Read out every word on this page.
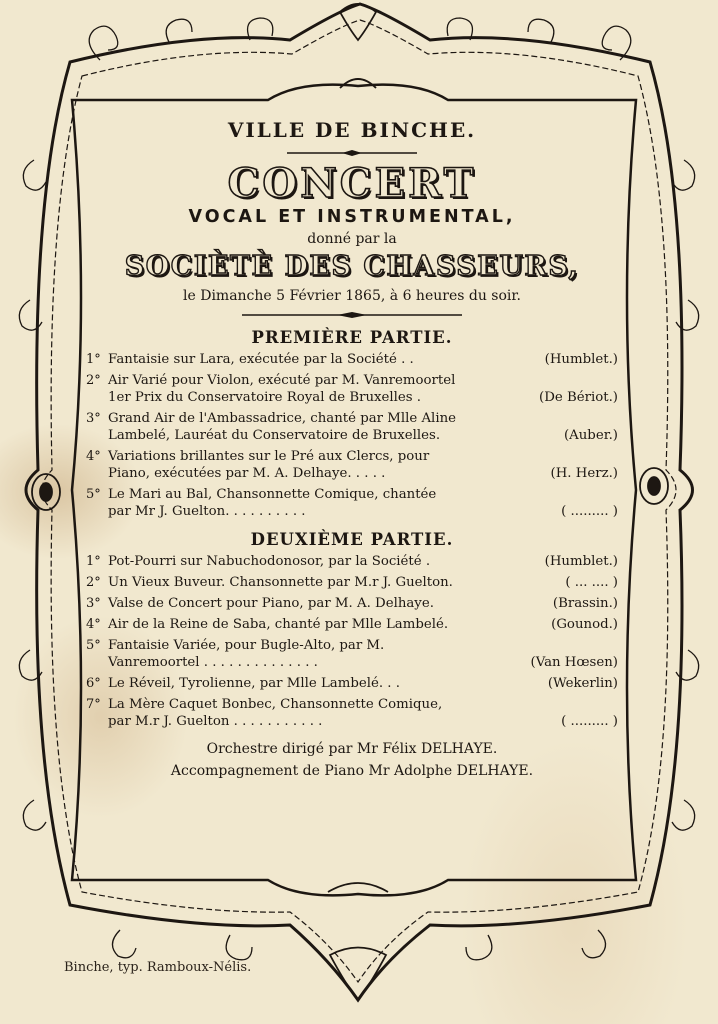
VILLE DE BINCHE.
CONCERT
VOCAL ET INSTRUMENTAL,
donné par la
SOCIÈTÈ DES CHASSEURS,
le Dimanche 5 Février 1865, à 6 heures du soir.
PREMIÈRE PARTIE.
1° Fantaisie sur Lara, exécutée par la Société . .	(Humblet.)
2° Air Varié pour Violon, exécuté par M. Vanremoortel
1er Prix du Conservatoire Royal de Bruxelles .	(De Bériot.)
3° Grand Air de l'Ambassadrice, chanté par Mlle Aline
Lambelé, Lauréat du Conservatoire de Bruxelles.	(Auber.)
4° Variations brillantes sur le Pré aux Clercs, pour
Piano, exécutées par M. A. Delhaye. . . . .	(H. Herz.)
5° Le Mari au Bal, Chansonnette Comique, chantée
par Mr J. Guelton. . . . . . . . . .	( ......... )
DEUXIÈME PARTIE.
1° Pot-Pourri sur Nabuchodonosor, par la Société .	(Humblet.)
2° Un Vieux Buveur. Chansonnette par M.r J. Guelton.	( ... .... )
3° Valse de Concert pour Piano, par M. A. Delhaye.	(Brassin.)
4° Air de la Reine de Saba, chanté par Mlle Lambelé.	(Gounod.)
5° Fantaisie Variée, pour Bugle-Alto, par M.
Vanremoortel . . . . . . . . . . . . . .	(Van Hœsen)
6° Le Réveil, Tyrolienne, par Mlle Lambelé. . .	(Wekerlin)
7° La Mère Caquet Bonbec, Chansonnette Comique,
par M.r J. Guelton . . . . . . . . . . .	( ......... )
Orchestre dirigé par Mr Félix DELHAYE.
Accompagnement de Piano Mr Adolphe DELHAYE.
Binche, typ. Ramboux-Nélis.
